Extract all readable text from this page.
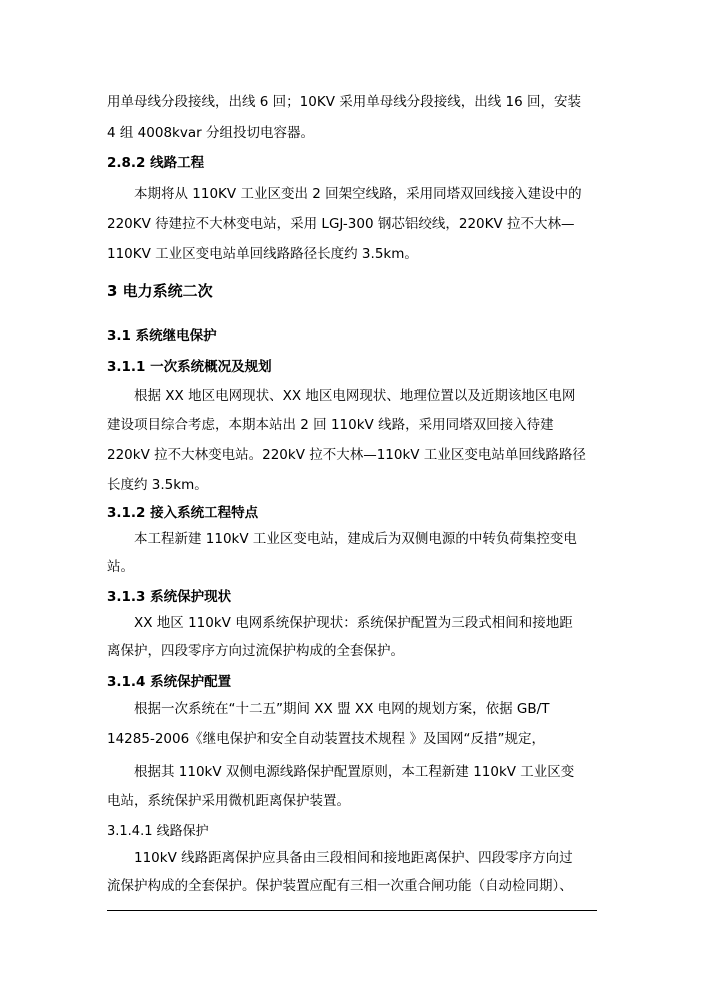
用单母线分段接线，出线 6 回；10KV 采用单母线分段接线，出线 16 回，安装
4 组 4008kvar 分组投切电容器。
2.8.2 线路工程
本期将从 110KV 工业区变出 2 回架空线路，采用同塔双回线接入建设中的
220KV 待建拉不大林变电站，采用 LGJ-300 钢芯铝绞线，220KV 拉不大林—
110KV 工业区变电站单回线路路径长度约 3.5km。
3 电力系统二次
3.1 系统继电保护
3.1.1 一次系统概况及规划
根据 XX 地区电网现状、XX 地区电网现状、地理位置以及近期该地区电网
建设项目综合考虑，本期本站出 2 回 110kV 线路，采用同塔双回接入待建
220kV 拉不大林变电站。220kV 拉不大林—110kV 工业区变电站单回线路路径
长度约 3.5km。
3.1.2 接入系统工程特点
本工程新建 110kV 工业区变电站，建成后为双侧电源的中转负荷集控变电
站。
3.1.3 系统保护现状
XX 地区 110kV 电网系统保护现状：系统保护配置为三段式相间和接地距
离保护，四段零序方向过流保护构成的全套保护。
3.1.4 系统保护配置
根据一次系统在“十二五”期间 XX 盟 XX 电网的规划方案，依据 GB/T
14285-2006《继电保护和安全自动装置技术规程 》及国网“反措”规定，
根据其 110kV 双侧电源线路保护配置原则，本工程新建 110kV 工业区变
电站，系统保护采用微机距离保护装置。
3.1.4.1 线路保护
110kV 线路距离保护应具备由三段相间和接地距离保护、四段零序方向过
流保护构成的全套保护。保护装置应配有三相一次重合闸功能（自动检同期）、
